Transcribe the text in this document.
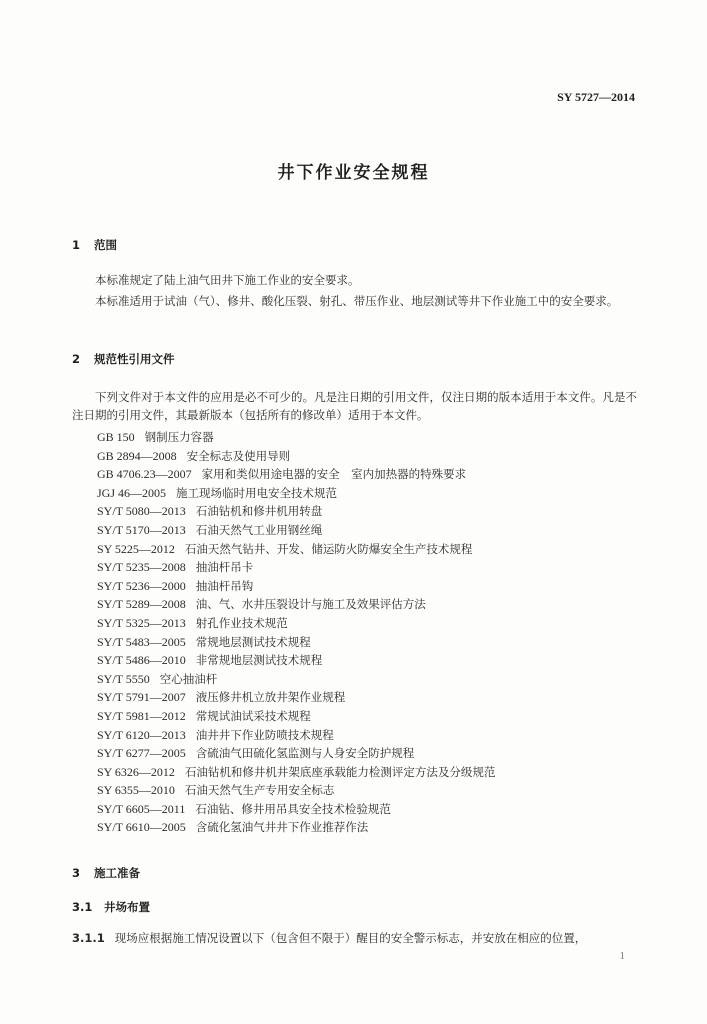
SY 5727—2014
井下作业安全规程
1 范围
本标准规定了陆上油气田井下施工作业的安全要求。
本标准适用于试油（气）、修井、酸化压裂、射孔、带压作业、地层测试等井下作业施工中的安全要求。
2 规范性引用文件
下列文件对于本文件的应用是必不可少的。凡是注日期的引用文件，仅注日期的版本适用于本文件。凡是不注日期的引用文件，其最新版本（包括所有的修改单）适用于本文件。
GB 150 钢制压力容器
GB 2894—2008 安全标志及使用导则
GB 4706.23—2007 家用和类似用途电器的安全　室内加热器的特殊要求
JGJ 46—2005 施工现场临时用电安全技术规范
SY/T 5080—2013 石油钻机和修井机用转盘
SY/T 5170—2013 石油天然气工业用钢丝绳
SY 5225—2012 石油天然气钻井、开发、储运防火防爆安全生产技术规程
SY/T 5235—2008 抽油杆吊卡
SY/T 5236—2000 抽油杆吊钩
SY/T 5289—2008 油、气、水井压裂设计与施工及效果评估方法
SY/T 5325—2013 射孔作业技术规范
SY/T 5483—2005 常规地层测试技术规程
SY/T 5486—2010 非常规地层测试技术规程
SY/T 5550 空心抽油杆
SY/T 5791—2007 液压修井机立放井架作业规程
SY/T 5981—2012 常规试油试采技术规程
SY/T 6120—2013 油井井下作业防喷技术规程
SY/T 6277—2005 含硫油气田硫化氢监测与人身安全防护规程
SY 6326—2012 石油钻机和修井机井架底座承载能力检测评定方法及分级规范
SY 6355—2010 石油天然气生产专用安全标志
SY/T 6605—2011 石油钻、修井用吊具安全技术检验规范
SY/T 6610—2005 含硫化氢油气井井下作业推荐作法
3 施工准备
3.1 井场布置
3.1.1 现场应根据施工情况设置以下（包含但不限于）醒目的安全警示标志，并安放在相应的位置，
1
